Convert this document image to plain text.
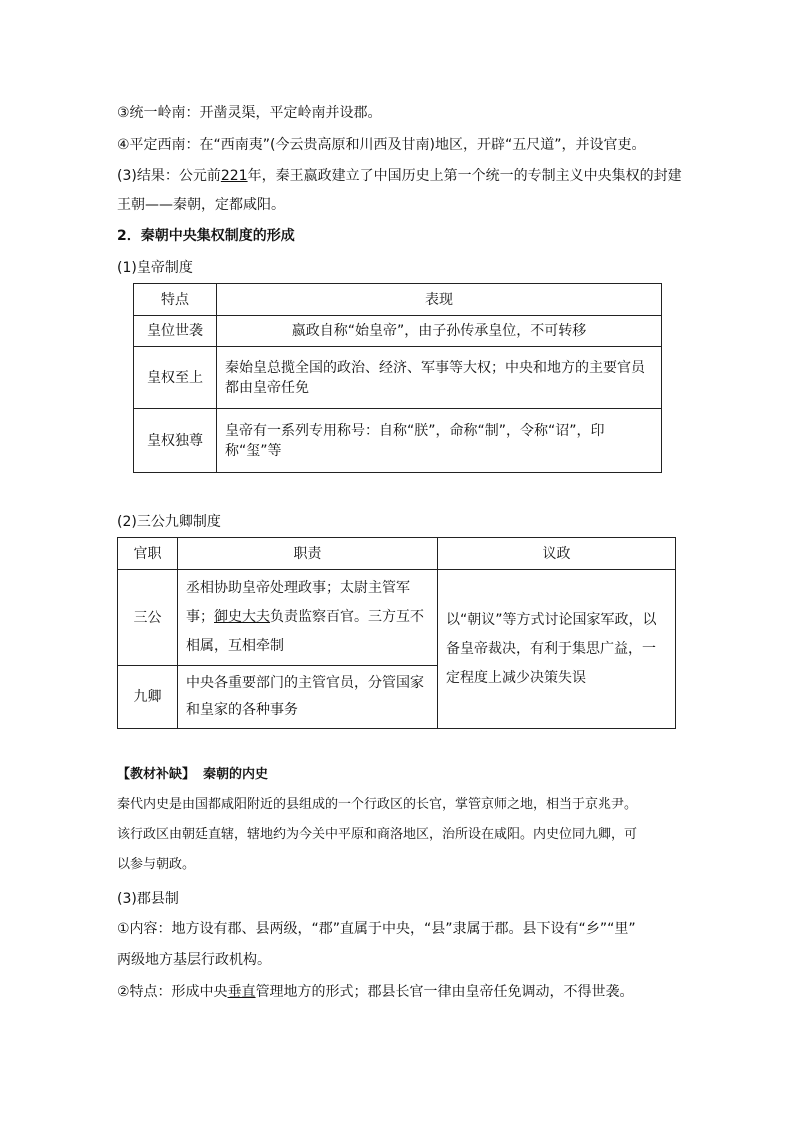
③统一岭南：开凿灵渠，平定岭南并设郡。
④平定西南：在“西南夷”(今云贵高原和川西及甘南)地区，开辟“五尺道”，并设官吏。
(3)结果：公元前221年，秦王嬴政建立了中国历史上第一个统一的专制主义中央集权的封建
王朝——秦朝，定都咸阳。
2．秦朝中央集权制度的形成
(1)皇帝制度
特点	表现
皇位世袭	嬴政自称“始皇帝”，由子孙传承皇位，不可转移
皇权至上	秦始皇总揽全国的政治、经济、军事等大权；中央和地方的主要官员都由皇帝任免
皇权独尊	皇帝有一系列专用称号：自称“朕”，命称“制”，令称“诏”，印称“玺”等
(2)三公九卿制度
官职	职责	议政
三公	丞相协助皇帝处理政事；太尉主管军事；御史大夫负责监察百官。三方互不相属，互相牵制	以“朝议”等方式讨论国家军政，以备皇帝裁决，有利于集思广益，一定程度上减少决策失误
九卿	中央各重要部门的主管官员，分管国家和皇家的各种事务	
【教材补缺】 秦朝的内史
秦代内史是由国都咸阳附近的县组成的一个行政区的长官，掌管京师之地，相当于京兆尹。
该行政区由朝廷直辖，辖地约为今关中平原和商洛地区，治所设在咸阳。内史位同九卿，可
以参与朝政。
(3)郡县制
①内容：地方设有郡、县两级，“郡”直属于中央，“县”隶属于郡。县下设有“乡”“里”
两级地方基层行政机构。
②特点：形成中央垂直管理地方的形式；郡县长官一律由皇帝任免调动，不得世袭。
